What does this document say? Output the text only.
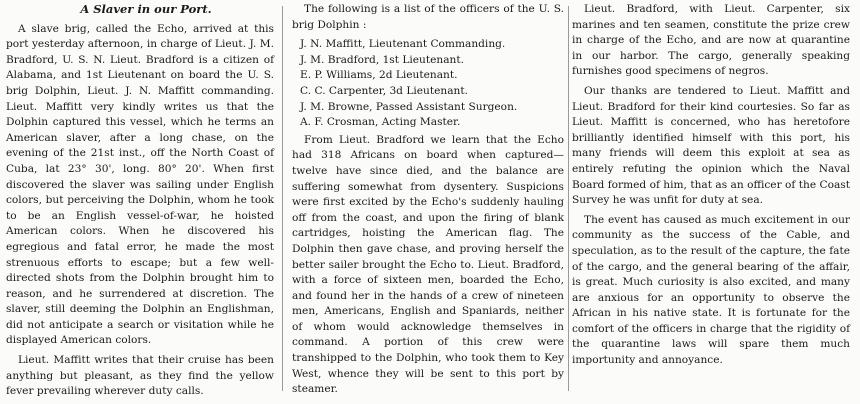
A Slaver in our Port.

A slave brig, called the Echo, arrived at this port yesterday afternoon, in charge of Lieut. J. M. Bradford, U. S. N. Lieut. Bradford is a citizen of Alabama, and 1st Lieutenant on board the U. S. brig Dolphin, Lieut. J. N. Maffitt commanding. Lieut. Maffitt very kindly writes us that the Dolphin captured this vessel, which he terms an American slaver, after a long chase, on the evening of the 21st inst., off the North Coast of Cuba, lat 23° 30', long. 80° 20'. When first discovered the slaver was sailing under English colors, but perceiving the Dolphin, whom he took to be an English vessel-of-war, he hoisted American colors. When he discovered his egregious and fatal error, he made the most strenuous efforts to escape; but a few well-directed shots from the Dolphin brought him to reason, and he surrendered at discretion. The slaver, still deeming the Dolphin an Englishman, did not anticipate a search or visitation while he displayed American colors.

Lieut. Maffitt writes that their cruise has been anything but pleasant, as they find the yellow fever prevailing wherever duty calls.

The following is a list of the officers of the U. S. brig Dolphin :

J. N. Maffitt, Lieutenant Commanding.
J. M. Bradford, 1st Lieutenant.
E. P. Williams, 2d Lieutenant.
C. C. Carpenter, 3d Lieutenant.
J. M. Browne, Passed Assistant Surgeon.
A. F. Crosman, Acting Master.

From Lieut. Bradford we learn that the Echo had 318 Africans on board when captured—twelve have since died, and the balance are suffering somewhat from dysentery. Suspicions were first excited by the Echo's suddenly hauling off from the coast, and upon the firing of blank cartridges, hoisting the American flag. The Dolphin then gave chase, and proving herself the better sailer brought the Echo to. Lieut. Bradford, with a force of sixteen men, boarded the Echo, and found her in the hands of a crew of nineteen men, Americans, English and Spaniards, neither of whom would acknowledge themselves in command. A portion of this crew were transhipped to the Dolphin, who took them to Key West, whence they will be sent to this port by steamer.

Lieut. Bradford, with Lieut. Carpenter, six marines and ten seamen, constitute the prize crew in charge of the Echo, and are now at quarantine in our harbor. The cargo, generally speaking furnishes good specimens of negros.

Our thanks are tendered to Lieut. Maffitt and Lieut. Bradford for their kind courtesies. So far as Lieut. Maffitt is concerned, who has heretofore brilliantly identified himself with this port, his many friends will deem this exploit at sea as entirely refuting the opinion which the Naval Board formed of him, that as an officer of the Coast Survey he was unfit for duty at sea.

The event has caused as much excitement in our community as the success of the Cable, and speculation, as to the result of the capture, the fate of the cargo, and the general bearing of the affair, is great. Much curiosity is also excited, and many are anxious for an opportunity to observe the African in his native state. It is fortunate for the comfort of the officers in charge that the rigidity of the quarantine laws will spare them much importunity and annoyance.
